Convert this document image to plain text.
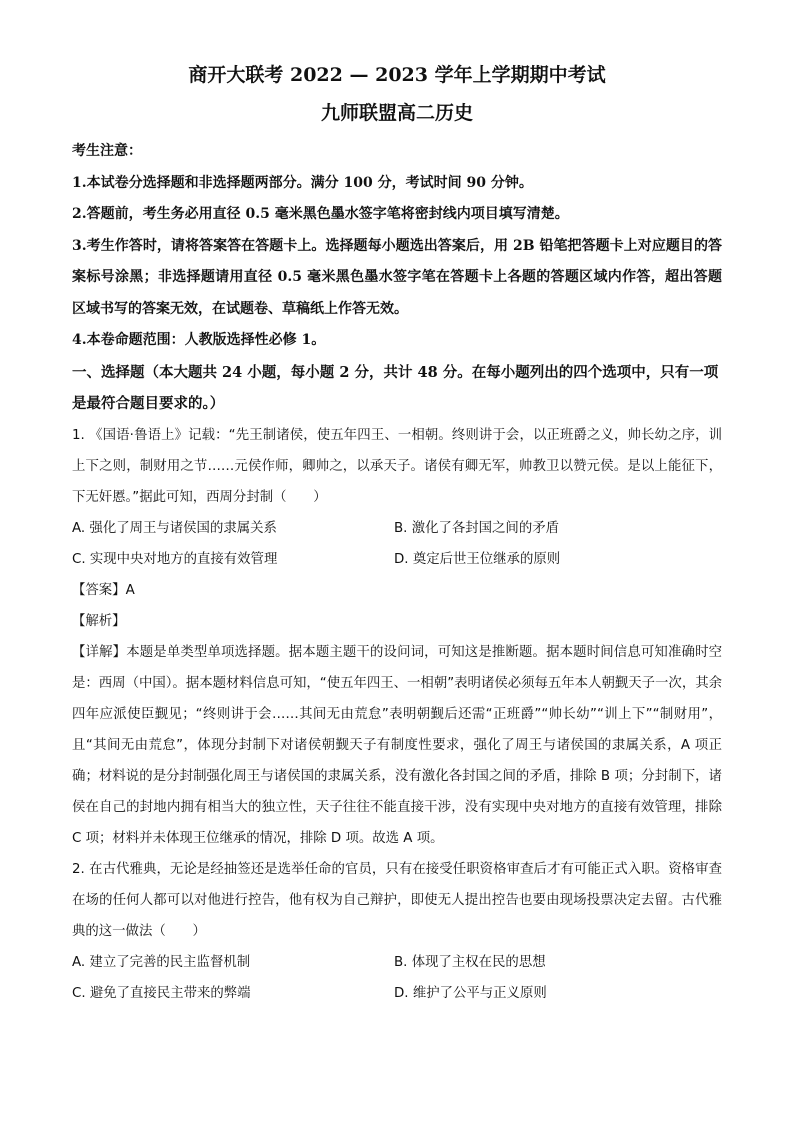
商开大联考 2022 — 2023 学年上学期期中考试
九师联盟高二历史
考生注意：
1.本试卷分选择题和非选择题两部分。满分 100 分，考试时间 90 分钟。
2.答题前，考生务必用直径 0.5 毫米黑色墨水签字笔将密封线内项目填写清楚。
3.考生作答时，请将答案答在答题卡上。选择题每小题选出答案后，用 2B 铅笔把答题卡上对应题目的答案标号涂黑；非选择题请用直径 0.5 毫米黑色墨水签字笔在答题卡上各题的答题区域内作答，超出答题区域书写的答案无效，在试题卷、草稿纸上作答无效。
4.本卷命题范围：人教版选择性必修 1。
一、选择题（本大题共 24 小题，每小题 2 分，共计 48 分。在每小题列出的四个选项中，只有一项是最符合题目要求的。）
1. 《国语·鲁语上》记载：“先王制诸侯，使五年四王、一相朝。终则讲于会，以正班爵之义，帅长幼之序，训上下之则，制财用之节……元侯作师，卿帅之，以承天子。诸侯有卿无军，帅教卫以赞元侯。是以上能征下，下无奸慝。”据此可知，西周分封制（　　）
A. 强化了周王与诸侯国的隶属关系	B. 激化了各封国之间的矛盾
C. 实现中央对地方的直接有效管理	D. 奠定后世王位继承的原则
【答案】A
【解析】
【详解】本题是单类型单项选择题。据本题主题干的设问词，可知这是推断题。据本题时间信息可知准确时空是：西周（中国）。据本题材料信息可知，“使五年四王、一相朝”表明诸侯必须每五年本人朝觐天子一次，其余四年应派使臣觐见；“终则讲于会……其间无由荒怠”表明朝觐后还需“正班爵”“帅长幼”“训上下”“制财用”，且“其间无由荒怠”，体现分封制下对诸侯朝觐天子有制度性要求，强化了周王与诸侯国的隶属关系，A 项正确；材料说的是分封制强化周王与诸侯国的隶属关系，没有激化各封国之间的矛盾，排除 B 项；分封制下，诸侯在自己的封地内拥有相当大的独立性，天子往往不能直接干涉，没有实现中央对地方的直接有效管理，排除 C 项；材料并未体现王位继承的情况，排除 D 项。故选 A 项。
2. 在古代雅典，无论是经抽签还是选举任命的官员，只有在接受任职资格审查后才有可能正式入职。资格审查在场的任何人都可以对他进行控告，他有权为自己辩护，即使无人提出控告也要由现场投票决定去留。古代雅典的这一做法（　　）
A. 建立了完善的民主监督机制	B. 体现了主权在民的思想
C. 避免了直接民主带来的弊端	D. 维护了公平与正义原则
